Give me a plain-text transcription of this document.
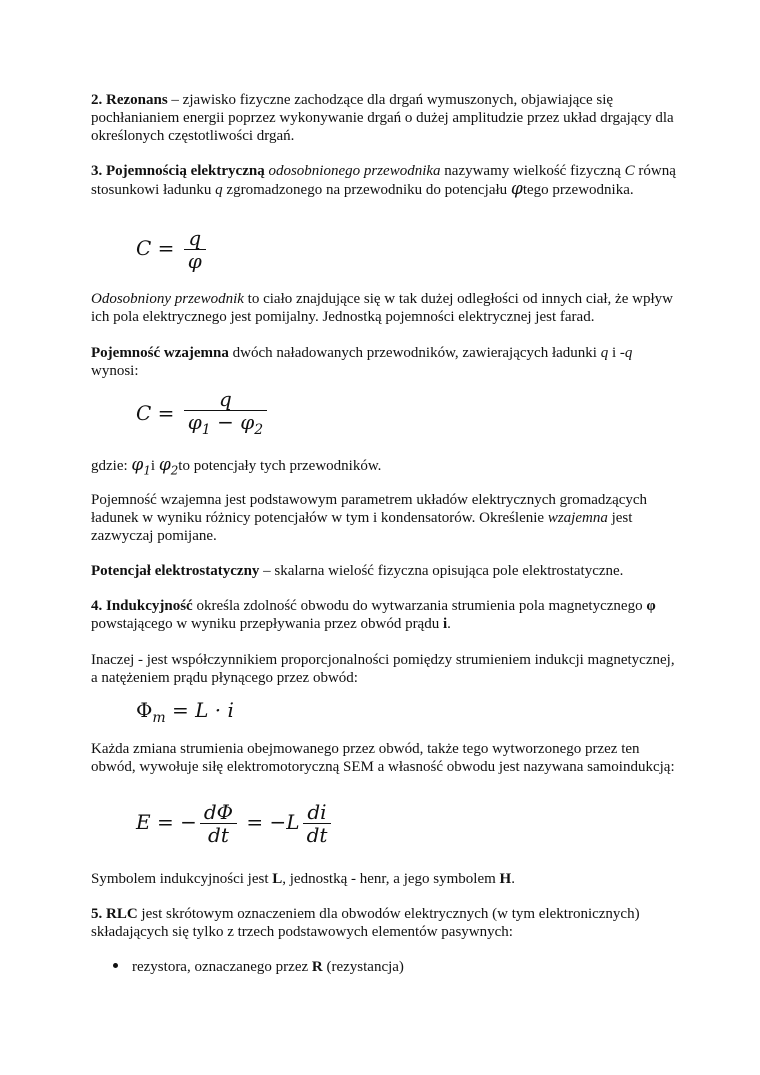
2. Rezonans – zjawisko fizyczne zachodzące dla drgań wymuszonych, objawiające się pochłanianiem energii poprzez wykonywanie drgań o dużej amplitudzie przez układ drgający dla określonych częstotliwości drgań.

3. Pojemnością elektryczną odosobnionego przewodnika nazywamy wielkość fizyczną C równą stosunkowi ładunku q zgromadzonego na przewodniku do potencjału φtego przewodnika.

$C = \frac{q}{\varphi}$

Odosobniony przewodnik to ciało znajdujące się w tak dużej odległości od innych ciał, że wpływ ich pola elektrycznego jest pomijalny. Jednostką pojemności elektrycznej jest farad.

Pojemność wzajemna dwóch naładowanych przewodników, zawierających ładunki q i -q wynosi:

$C = \frac{q}{\varphi_1 - \varphi_2}$

gdzie: $\varphi_1i$ $\varphi_2to$ potencjały tych przewodników.

Pojemność wzajemna jest podstawowym parametrem układów elektrycznych gromadzących ładunek w wyniku różnicy potencjałów w tym i kondensatorów. Określenie wzajemna jest zazwyczaj pomijane.

Potencjał elektrostatyczny – skalarna wielość fizyczna opisująca pole elektrostatyczne.

4. Indukcyjność określa zdolność obwodu do wytwarzania strumienia pola magnetycznego φ powstającego w wyniku przepływania przez obwód prądu i.

Inaczej - jest współczynnikiem proporcjonalności pomiędzy strumieniem indukcji magnetycznej, a natężeniem prądu płynącego przez obwód:

$\Phi_m = L \cdot i$

Każda zmiana strumienia obejmowanego przez obwód, także tego wytworzonego przez ten obwód, wywołuje siłę elektromotoryczną SEM a własność obwodu jest nazywana samoindukcją:

E = − $\frac{d\Phi}{dt} = -L \frac{di}{dt}$

Symbolem indukcyjności jest L, jednostką - henr, a jego symbolem H.

5. RLC jest skrótowym oznaczeniem dla obwodów elektrycznych (w tym elektronicznych) składających się tylko z trzech podstawowych elementów pasywnych:

rezystora, oznaczanego przez R (rezystancja)
